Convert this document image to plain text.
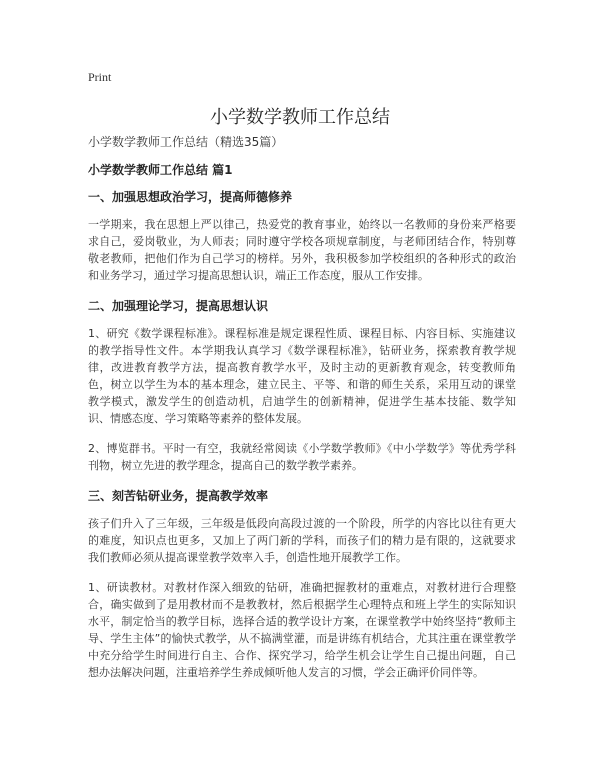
Print
小学数学教师工作总结
小学数学教师工作总结（精选35篇）
小学数学教师工作总结 篇1
一、加强思想政治学习，提高师德修养
一学期来，我在思想上严以律己，热爱党的教育事业，始终以一名教师的身份来严格要求自己，爱岗敬业，为人师表；同时遵守学校各项规章制度，与老师团结合作，特别尊敬老教师，把他们作为自己学习的榜样。另外，我积极参加学校组织的各种形式的政治和业务学习，通过学习提高思想认识，端正工作态度，服从工作安排。
二、加强理论学习，提高思想认识
1、研究《数学课程标准》。课程标准是规定课程性质、课程目标、内容目标、实施建议的教学指导性文件。本学期我认真学习《数学课程标准》，钻研业务，探索教育教学规律，改进教育教学方法，提高教育教学水平，及时主动的更新教育观念，转变教师角色，树立以学生为本的基本理念，建立民主、平等、和谐的师生关系，采用互动的课堂教学模式，激发学生的创造动机，启迪学生的创新精神，促进学生基本技能、数学知识、情感态度、学习策略等素养的整体发展。
2、博览群书。平时一有空，我就经常阅读《小学数学教师》《中小学数学》等优秀学科刊物，树立先进的教学理念，提高自己的数学教学素养。
三、刻苦钻研业务，提高教学效率
孩子们升入了三年级，三年级是低段向高段过渡的一个阶段，所学的内容比以往有更大的难度，知识点也更多，又加上了两门新的学科，而孩子们的精力是有限的，这就要求我们教师必须从提高课堂教学效率入手，创造性地开展教学工作。
1、研读教材。对教材作深入细致的钻研，准确把握教材的重难点，对教材进行合理整合，确实做到了是用教材而不是教教材，然后根据学生心理特点和班上学生的实际知识水平，制定恰当的教学目标，选择合适的教学设计方案，在课堂教学中始终坚持“教师主导、学生主体”的愉快式教学，从不搞满堂灌，而是讲练有机结合，尤其注重在课堂教学中充分给学生时间进行自主、合作、探究学习，给学生机会让学生自己提出问题，自己想办法解决问题，注重培养学生养成倾听他人发言的习惯，学会正确评价同伴等。
